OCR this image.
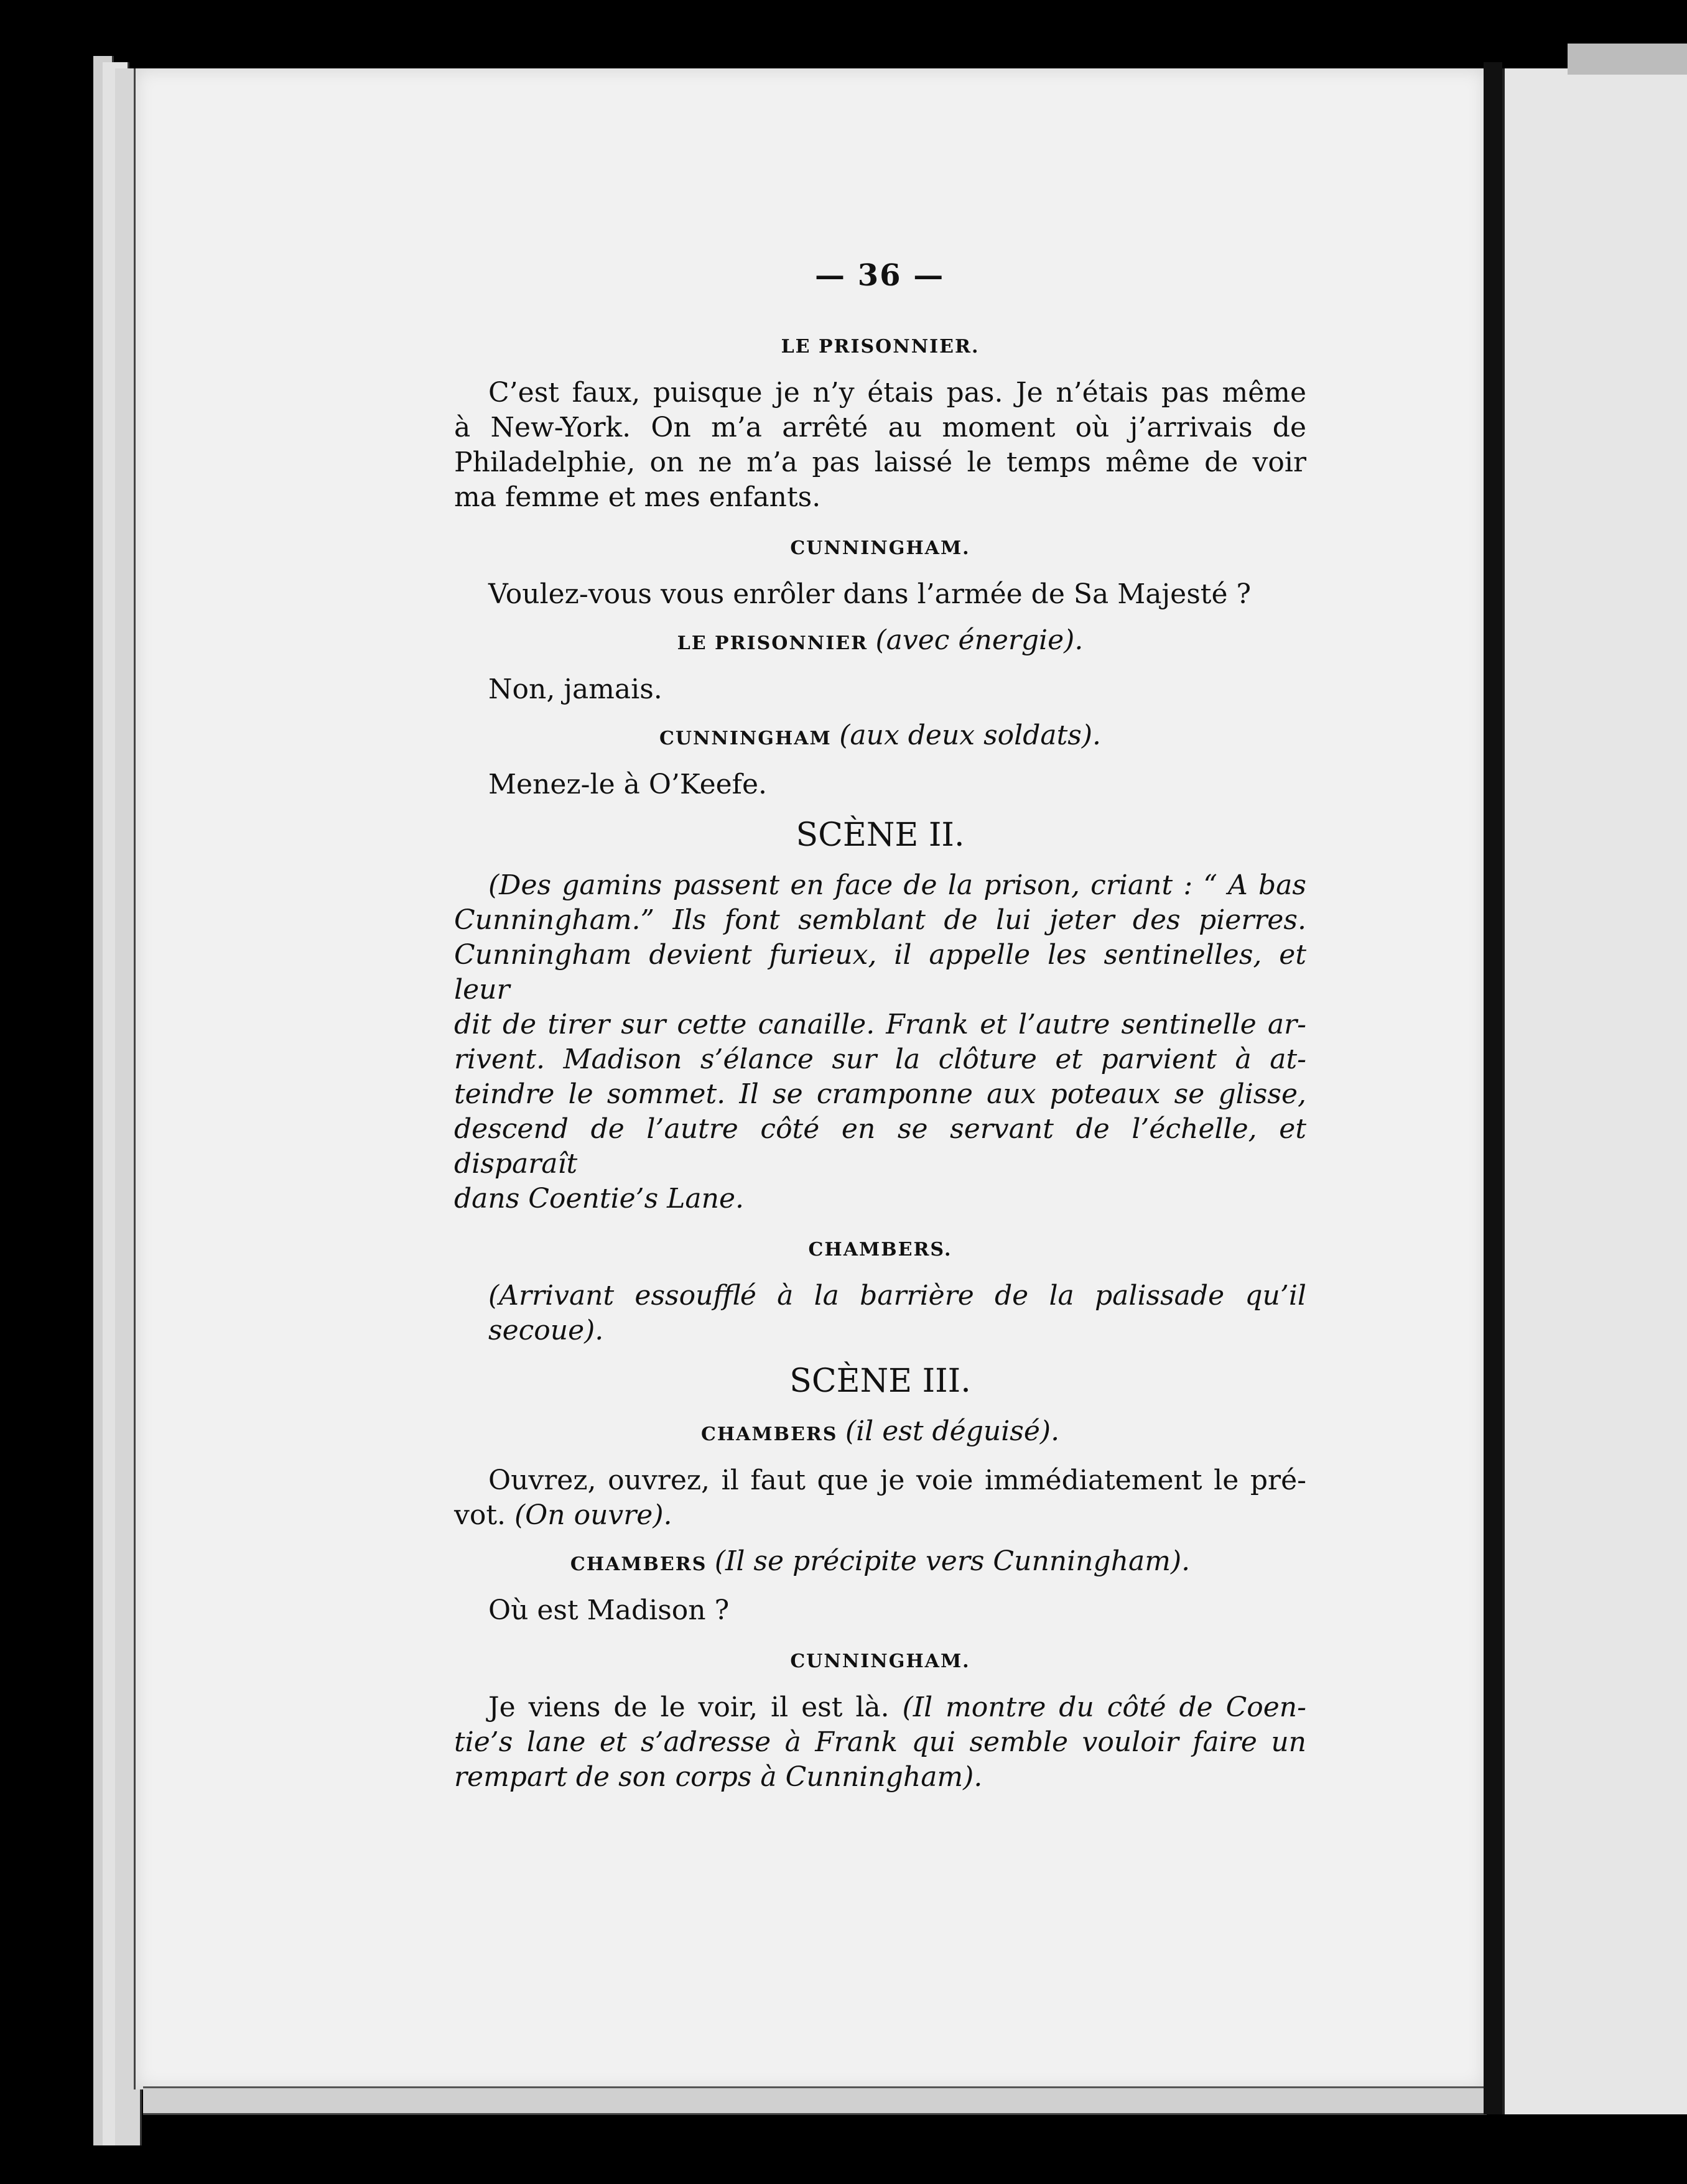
— 36 —

LE PRISONNIER.

C’est faux, puisque je n’y étais pas. Je n’étais pas même

à New-York. On m’a arrêté au moment où j’arrivais de

Philadelphie, on ne m’a pas laissé le temps même de voir

ma femme et mes enfants.

CUNNINGHAM.

Voulez-vous vous enrôler dans l’armée de Sa Majesté ?

LE PRISONNIER (avec énergie).

Non, jamais.

CUNNINGHAM (aux deux soldats).

Menez-le à O’Keefe.

SCÈNE II.

(Des gamins passent en face de la prison, criant : “ A bas

Cunningham.” Ils font semblant de lui jeter des pierres.

Cunningham devient furieux, il appelle les sentinelles, et leur

dit de tirer sur cette canaille. Frank et l’autre sentinelle ar-

rivent. Madison s’élance sur la clôture et parvient à at-

teindre le sommet. Il se cramponne aux poteaux se glisse,

descend de l’autre côté en se servant de l’échelle, et disparaît

dans Coentie’s Lane.

CHAMBERS.

(Arrivant essoufflé à la barrière de la palissade qu’il secoue).

SCÈNE III.

CHAMBERS (il est déguisé).

Ouvrez, ouvrez, il faut que je voie immédiatement le pré-

vot. (On ouvre).

CHAMBERS (Il se précipite vers Cunningham).

Où est Madison ?

CUNNINGHAM.

Je viens de le voir, il est là. (Il montre du côté de Coen-

tie’s lane et s’adresse à Frank qui semble vouloir faire un

rempart de son corps à Cunningham).
